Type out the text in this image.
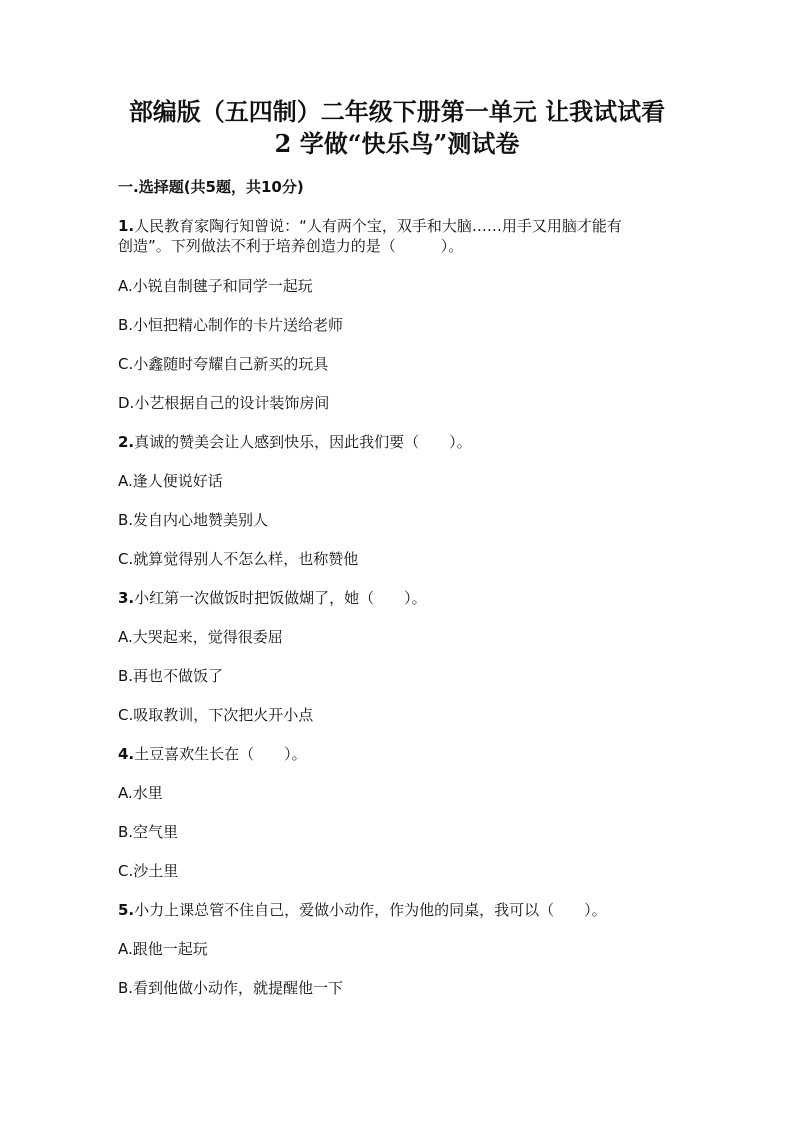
部编版（五四制）二年级下册第一单元 让我试试看
2 学做“快乐鸟”测试卷
一.选择题(共5题，共10分)
1.人民教育家陶行知曾说：“人有两个宝，双手和大脑……用手又用脑才能有
创造”。下列做法不利于培养创造力的是（　　　）。
A.小锐自制毽子和同学一起玩
B.小恒把精心制作的卡片送给老师
C.小鑫随时夸耀自己新买的玩具
D.小艺根据自己的设计装饰房间
2.真诚的赞美会让人感到快乐，因此我们要（　　）。
A.逢人便说好话
B.发自内心地赞美别人
C.就算觉得别人不怎么样，也称赞他
3.小红第一次做饭时把饭做煳了，她（　　）。
A.大哭起来，觉得很委屈
B.再也不做饭了
C.吸取教训，下次把火开小点
4.土豆喜欢生长在（　　）。
A.水里
B.空气里
C.沙土里
5.小力上课总管不住自己，爱做小动作，作为他的同桌，我可以（　　）。
A.跟他一起玩
B.看到他做小动作，就提醒他一下
